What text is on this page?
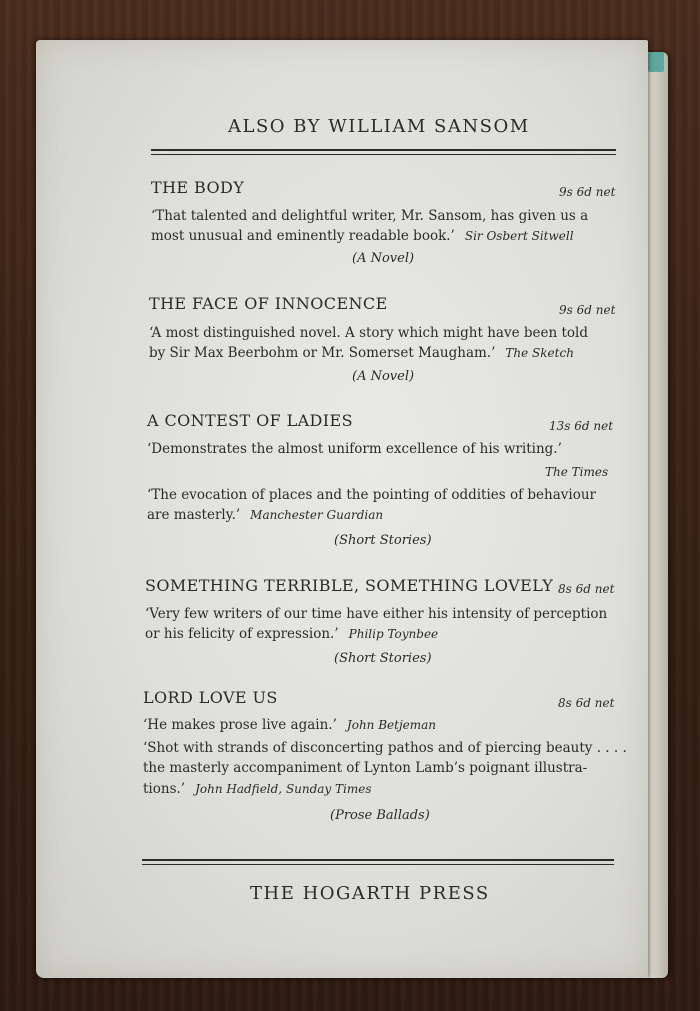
ALSO BY WILLIAM SANSOM
THE BODY	9s 6d net
‘That talented and delightful writer, Mr. Sansom, has given us a
most unusual and eminently readable book.’ Sir Osbert Sitwell
(A Novel)
THE FACE OF INNOCENCE	9s 6d net
‘A most distinguished novel. A story which might have been told
by Sir Max Beerbohm or Mr. Somerset Maugham.’ The Sketch
(A Novel)
A CONTEST OF LADIES	13s 6d net
‘Demonstrates the almost uniform excellence of his writing.’
The Times
‘The evocation of places and the pointing of oddities of behaviour
are masterly.’ Manchester Guardian
(Short Stories)
SOMETHING TERRIBLE, SOMETHING LOVELY 8s 6d net
‘Very few writers of our time have either his intensity of perception
or his felicity of expression.’ Philip Toynbee
(Short Stories)
LORD LOVE US	8s 6d net
‘He makes prose live again.’ John Betjeman
‘Shot with strands of disconcerting pathos and of piercing beauty . . . .
the masterly accompaniment of Lynton Lamb’s poignant illustra-
tions.’ John Hadfield, Sunday Times
(Prose Ballads)
THE HOGARTH PRESS
